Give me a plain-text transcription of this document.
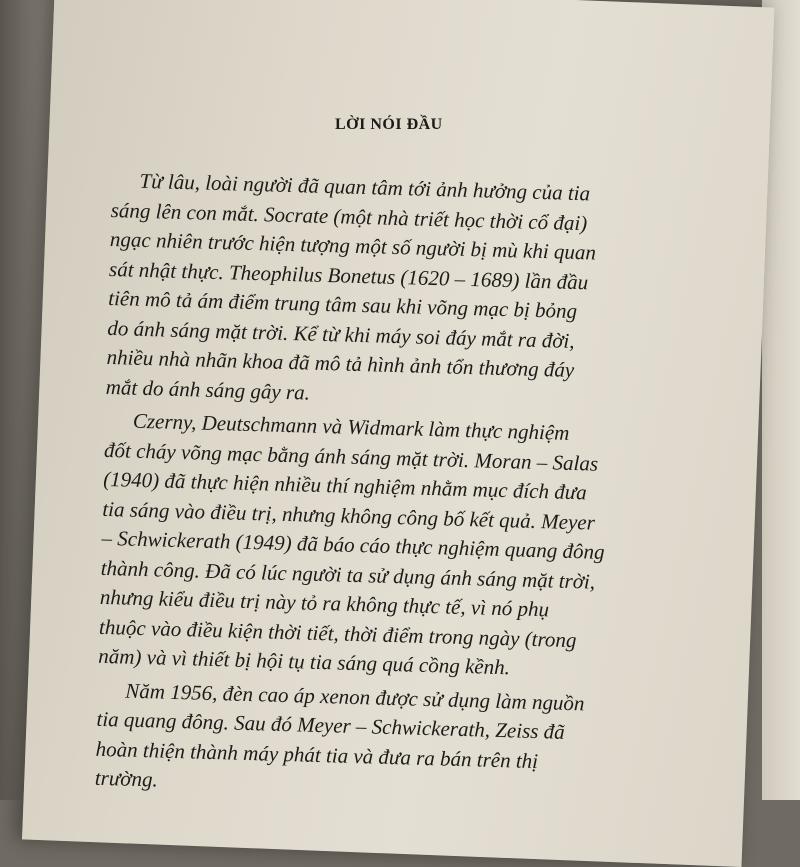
LỜI NÓI ĐẦU

Từ lâu, loài người đã quan tâm tới ảnh hưởng của tia
sáng lên con mắt. Socrate (một nhà triết học thời cổ đại)
ngạc nhiên trước hiện tượng một số người bị mù khi quan
sát nhật thực. Theophilus Bonetus (1620 – 1689) lần đầu
tiên mô tả ám điểm trung tâm sau khi võng mạc bị bỏng
do ánh sáng mặt trời. Kể từ khi máy soi đáy mắt ra đời,
nhiều nhà nhãn khoa đã mô tả hình ảnh tổn thương đáy
mắt do ánh sáng gây ra.

Czerny, Deutschmann và Widmark làm thực nghiệm
đốt cháy võng mạc bằng ánh sáng mặt trời. Moran – Salas
(1940) đã thực hiện nhiều thí nghiệm nhằm mục đích đưa
tia sáng vào điều trị, nhưng không công bố kết quả. Meyer
– Schwickerath (1949) đã báo cáo thực nghiệm quang đông
thành công. Đã có lúc người ta sử dụng ánh sáng mặt trời,
nhưng kiểu điều trị này tỏ ra không thực tế, vì nó phụ
thuộc vào điều kiện thời tiết, thời điểm trong ngày (trong
năm) và vì thiết bị hội tụ tia sáng quá cồng kềnh.

Năm 1956, đèn cao áp xenon được sử dụng làm nguồn
tia quang đông. Sau đó Meyer – Schwickerath, Zeiss đã
hoàn thiện thành máy phát tia và đưa ra bán trên thị
trường.
